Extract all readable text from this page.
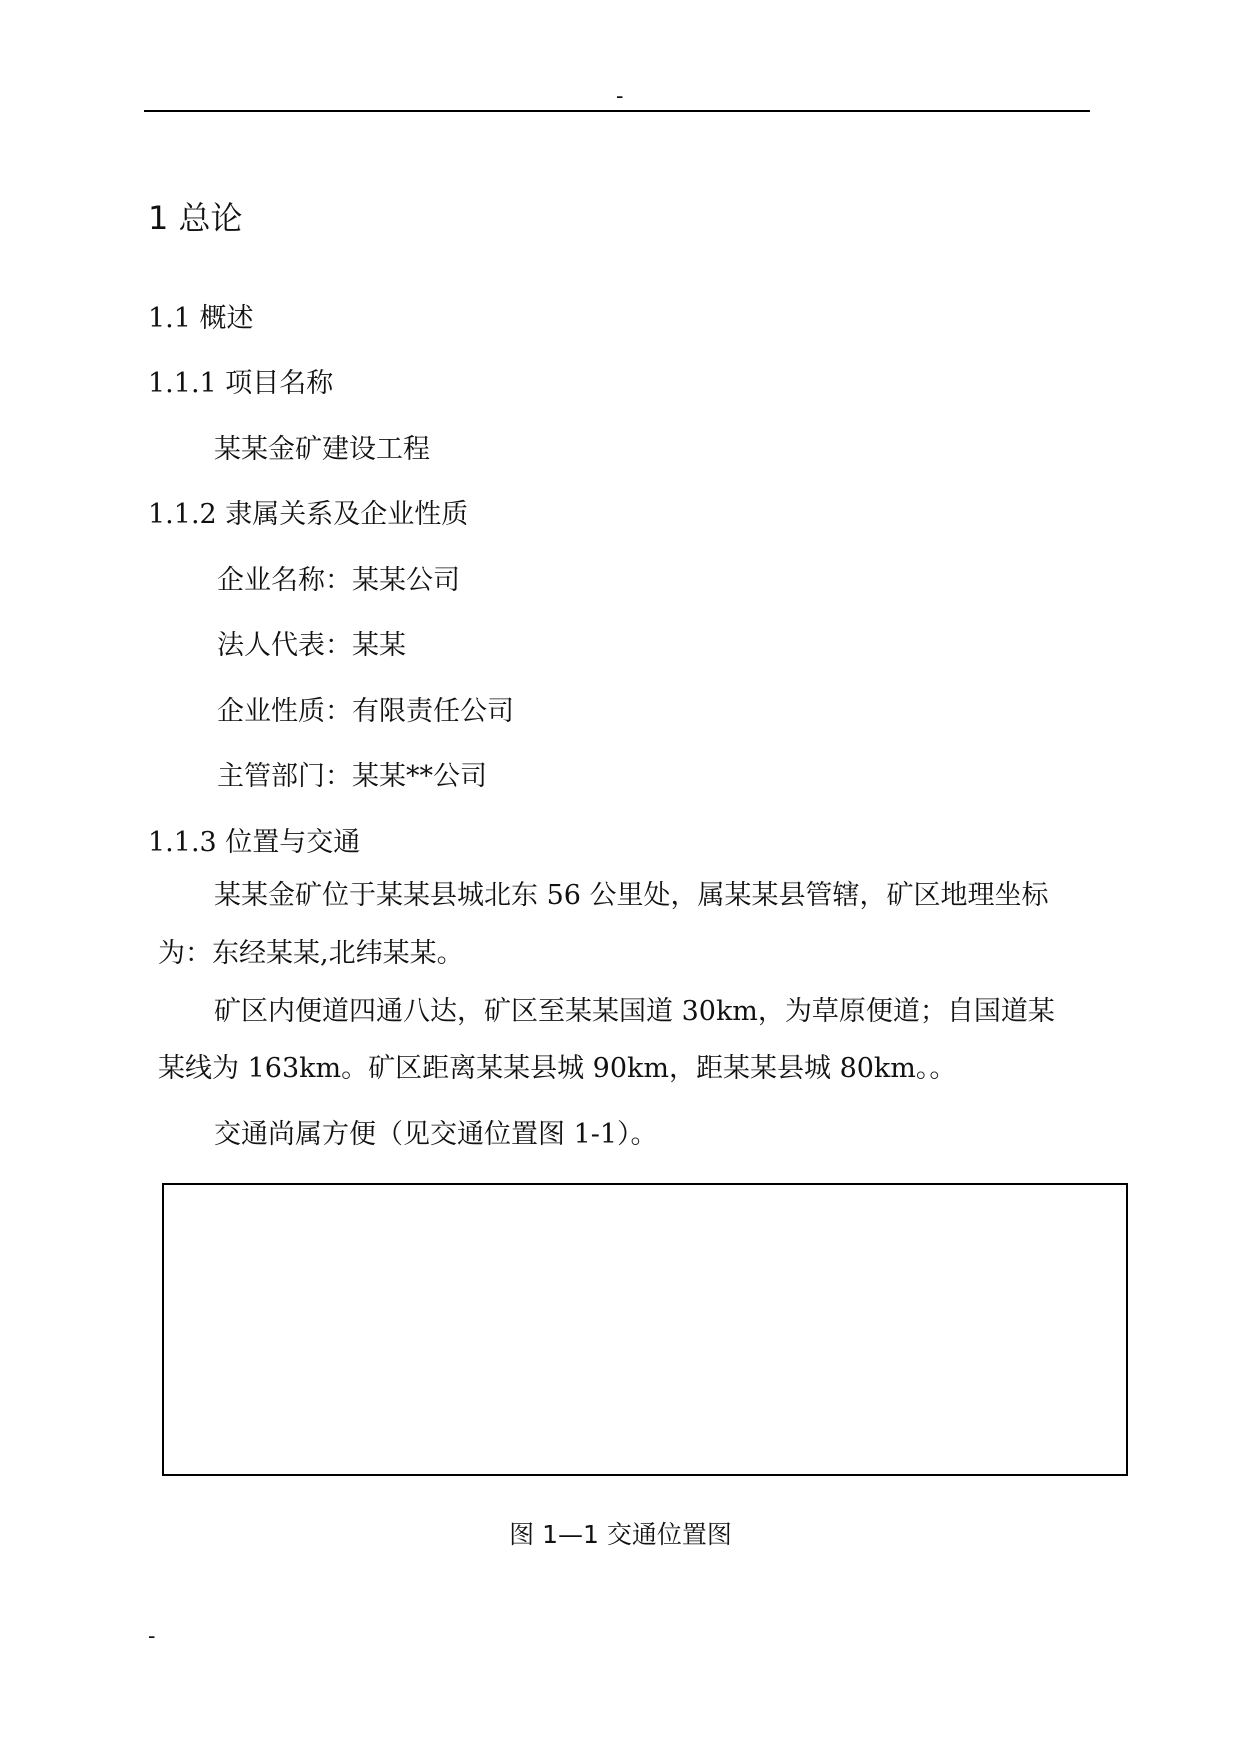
-
1 总论
1.1 概述
1.1.1 项目名称
某某金矿建设工程
1.1.2 隶属关系及企业性质
企业名称：某某公司
法人代表：某某
企业性质：有限责任公司
主管部门：某某**公司
1.1.3 位置与交通
某某金矿位于某某县城北东 56 公里处，属某某县管辖，矿区地理坐标
为：东经某某,北纬某某。
矿区内便道四通八达，矿区至某某国道 30km，为草原便道；自国道某
某线为 163km。矿区距离某某县城 90km，距某某县城 80km。。
交通尚属方便（见交通位置图 1-1）。
图 1—1 交通位置图
-
